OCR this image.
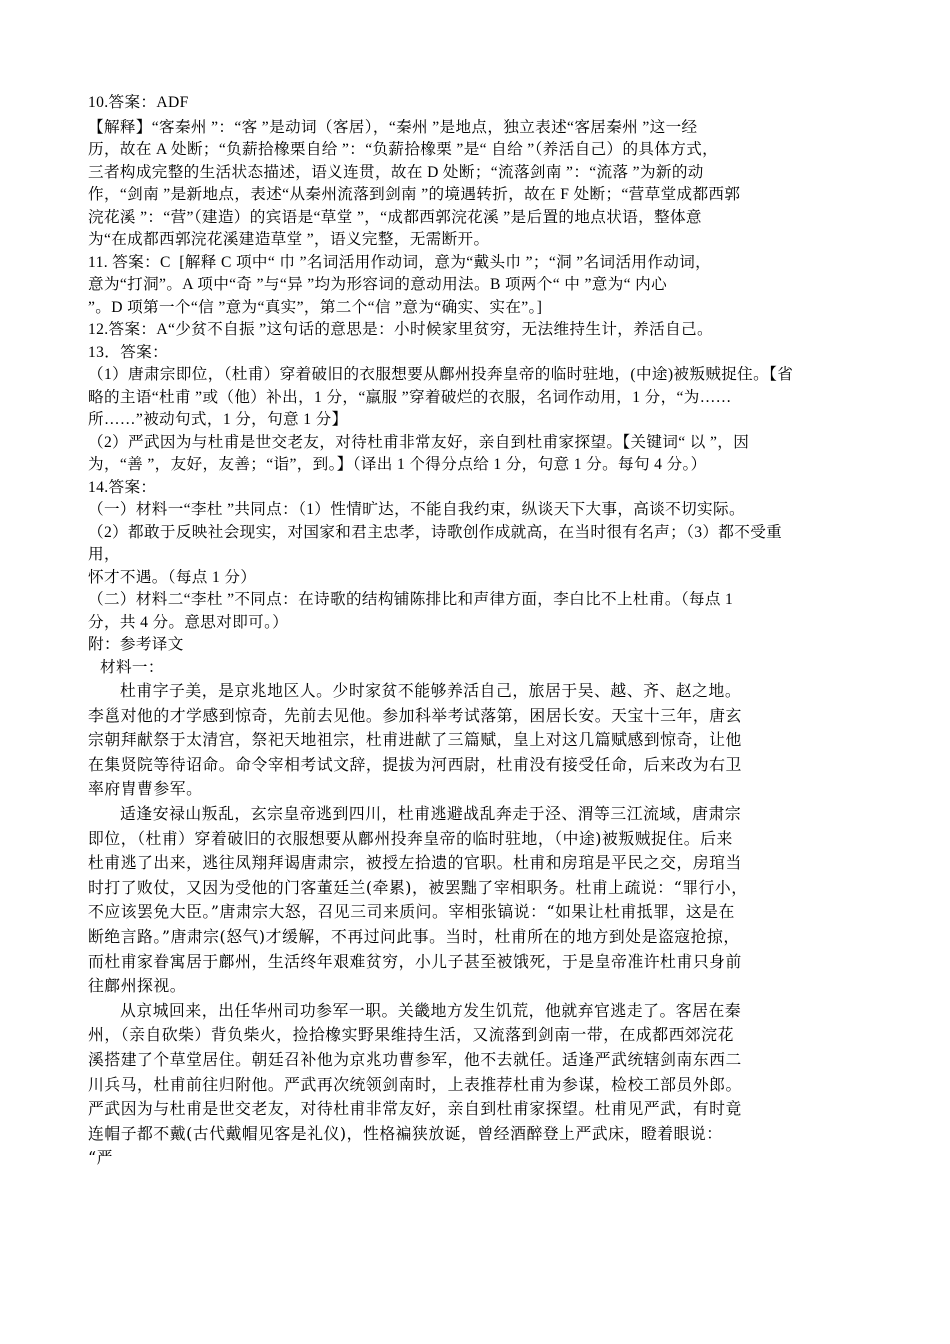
10.答案：ADF

【解释】“客秦州 ”：“客 ”是动词（客居），“秦州 ”是地点，独立表述“客居秦州 ”这一经

历，故在 A 处断；“负薪拾橡栗自给 ”：“负薪拾橡栗 ”是“ 自给 ”（养活自己）的具体方式，

三者构成完整的生活状态描述，语义连贯，故在 D 处断；“流落剑南 ”：“流落 ”为新的动

作，“剑南 ”是新地点，表述“从秦州流落到剑南 ”的境遇转折，故在 F 处断；“营草堂成都西郭

浣花溪 ”：“营”（建造）的宾语是“草堂 ”，“成都西郭浣花溪 ”是后置的地点状语，整体意

为“在成都西郭浣花溪建造草堂 ”，语义完整，无需断开。

11. 答案：C  [解释 C 项中“ 巾 ”名词活用作动词，意为“戴头巾 ”；“洞 ”名词活用作动词，

意为“打洞”。A 项中“奇 ”与“异 ”均为形容词的意动用法。B 项两个“ 中 ”意为“ 内心

”。D 项第一个“信 ”意为“真实”，第二个“信 ”意为“确实、实在”。]

12.答案：A“少贫不自振 ”这句话的意思是：小时候家里贫穷，无法维持生计，养活自己。

13．答案：

（1）唐肃宗即位，（杜甫）穿着破旧的衣服想要从鄜州投奔皇帝的临时驻地，(中途)被叛贼捉住。【省

略的主语“杜甫 ”或（他）补出，1 分，“羸服 ”穿着破烂的衣服，名词作动用，1 分，“为……

所……”被动句式，1 分，句意 1 分】

（2）严武因为与杜甫是世交老友，对待杜甫非常友好，亲自到杜甫家探望。【关键词“ 以 ”，因

为，“善 ”，友好，友善；“诣”，到。】（译出 1 个得分点给 1 分，句意 1 分。每句 4 分。）

14.答案：

（一）材料一“李杜 ”共同点：（1）性情旷达，不能自我约束，纵谈天下大事，高谈不切实际。

（2）都敢于反映社会现实，对国家和君主忠孝，诗歌创作成就高，在当时很有名声；（3）都不受重

用，

怀才不遇。（每点 1 分）

（二）材料二“李杜 ”不同点：在诗歌的结构铺陈排比和声律方面，李白比不上杜甫。（每点 1

分，共 4 分。意思对即可。）

附：参考译文

材料一：

杜甫字子美，是京兆地区人。少时家贫不能够养活自己，旅居于吴、越、齐、赵之地。

李邕对他的才学感到惊奇，先前去见他。参加科举考试落第，困居长安。天宝十三年，唐玄

宗朝拜献祭于太清宫，祭祀天地祖宗，杜甫进献了三篇赋，皇上对这几篇赋感到惊奇，让他

在集贤院等待诏命。命令宰相考试文辞，提拔为河西尉，杜甫没有接受任命，后来改为右卫

率府胄曹参军。

适逢安禄山叛乱，玄宗皇帝逃到四川，杜甫逃避战乱奔走于泾、渭等三江流域，唐肃宗

即位，（杜甫）穿着破旧的衣服想要从鄜州投奔皇帝的临时驻地，（中途)被叛贼捉住。后来

杜甫逃了出来，逃往凤翔拜谒唐肃宗，被授左拾遗的官职。杜甫和房琯是平民之交，房琯当

时打了败仗，又因为受他的门客董廷兰(牵累)，被罢黜了宰相职务。杜甫上疏说：“罪行小，

不应该罢免大臣。”唐肃宗大怒，召见三司来质问。宰相张镐说：“如果让杜甫抵罪，这是在

断绝言路。”唐肃宗(怒气)才缓解，不再过问此事。当时，杜甫所在的地方到处是盗寇抢掠，

而杜甫家眷寓居于鄜州，生活终年艰难贫穷，小儿子甚至被饿死，于是皇帝准许杜甫只身前

往鄜州探视。

从京城回来，出任华州司功参军一职。关畿地方发生饥荒，他就弃官逃走了。客居在秦

州，（亲自砍柴）背负柴火，捡拾橡实野果维持生活，又流落到剑南一带，在成都西郊浣花

溪搭建了个草堂居住。朝廷召补他为京兆功曹参军，他不去就任。适逢严武统辖剑南东西二

川兵马，杜甫前往归附他。严武再次统领剑南时，上表推荐杜甫为参谋，检校工部员外郎。

严武因为与杜甫是世交老友，对待杜甫非常友好，亲自到杜甫家探望。杜甫见严武，有时竟

连帽子都不戴(古代戴帽见客是礼仪)，性格褊狭放诞，曾经酒醉登上严武床，瞪着眼说：

“严
